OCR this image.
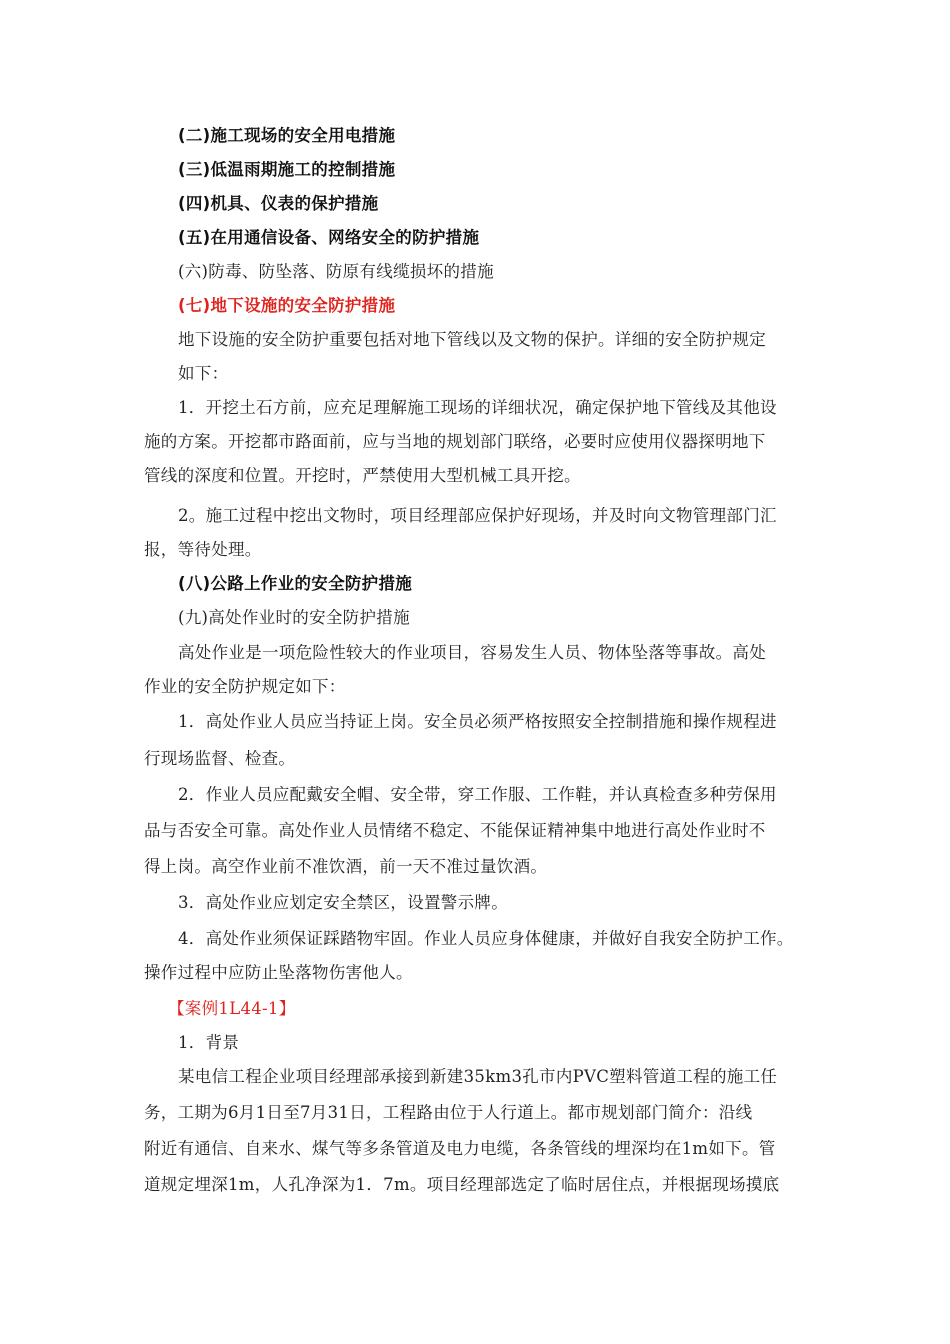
(二)施工现场的安全用电措施
(三)低温雨期施工的控制措施
(四)机具、仪表的保护措施
(五)在用通信设备、网络安全的防护措施
(六)防毒、防坠落、防原有线缆损坏的措施
(七)地下设施的安全防护措施
地下设施的安全防护重要包括对地下管线以及文物的保护。详细的安全防护规定
如下：
1．开挖土石方前，应充足理解施工现场的详细状况，确定保护地下管线及其他设
施的方案。开挖都市路面前，应与当地的规划部门联络，必要时应使用仪器探明地下
管线的深度和位置。开挖时，严禁使用大型机械工具开挖。
2。施工过程中挖出文物时，项目经理部应保护好现场，并及时向文物管理部门汇
报，等待处理。
(八)公路上作业的安全防护措施
(九)高处作业时的安全防护措施
高处作业是一项危险性较大的作业项目，容易发生人员、物体坠落等事故。高处
作业的安全防护规定如下：
1．高处作业人员应当持证上岗。安全员必须严格按照安全控制措施和操作规程进
行现场监督、检查。
2．作业人员应配戴安全帽、安全带，穿工作服、工作鞋，并认真检查多种劳保用
品与否安全可靠。高处作业人员情绪不稳定、不能保证精神集中地进行高处作业时不
得上岗。高空作业前不准饮酒，前一天不准过量饮酒。
3．高处作业应划定安全禁区，设置警示牌。
4．高处作业须保证踩踏物牢固。作业人员应身体健康，并做好自我安全防护工作。
操作过程中应防止坠落物伤害他人。
【案例1L44-1】
1．背景
某电信工程企业项目经理部承接到新建35km3孔市内PVC塑料管道工程的施工任
务，工期为6月1日至7月31日，工程路由位于人行道上。都市规划部门简介：沿线
附近有通信、自来水、煤气等多条管道及电力电缆，各条管线的埋深均在1m如下。管
道规定埋深1m，人孔净深为1．7m。项目经理部选定了临时居住点，并根据现场摸底
